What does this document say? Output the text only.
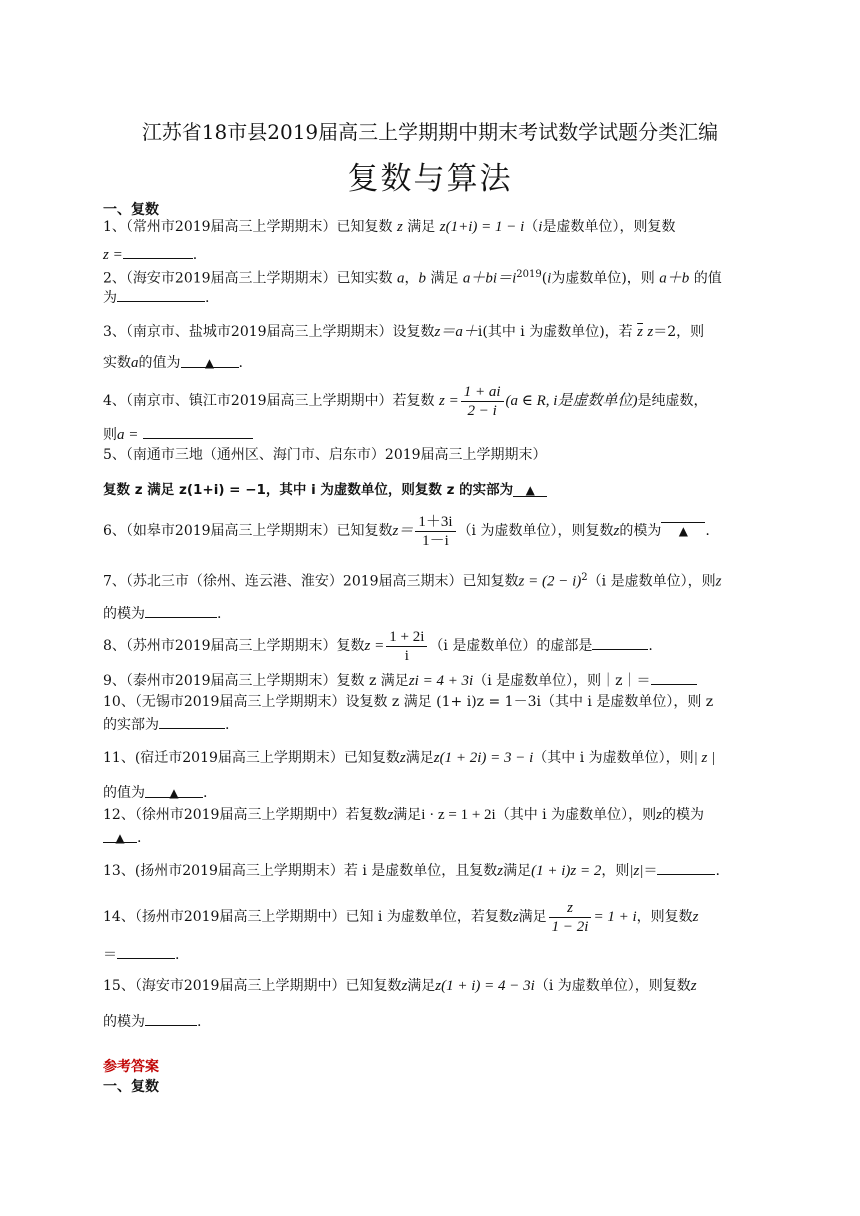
江苏省18市县2019届高三上学期期中期末考试数学试题分类汇编
复数与算法
一、复数
1、（常州市2019届高三上学期期末）已知复数 z 满足 z(1+i) = 1 − i（i是虚数单位），则复数
z =	.
2、（海安市2019届高三上学期期末）已知实数 a，b 满足 $a+bi=i^{2019}(i$为虚数单位)，则 a＋b 的值
为	.
3、（南京市、盐城市2019届高三上学期期末）设复数z＝a＋i(其中 i 为虚数单位)，若 $\overline{z}$ z＝2，则
实数a的值为 ▲ .
4、（南京市、镇江市2019届高三上学期期中）若复数 $z = \frac{1 + ai}{2 - i} (a$ ∈ R, i是虚数单位)是纯虚数，
则a =
5、（南通市三地（通州区、海门市、启东市）2019届高三上学期期末）
复数 z 满足 z(1+i) = −1，其中 i 为虚数单位，则复数 z 的实部为 ▲
6、（如皋市2019届高三上学期期末）已知复数$z= \frac{1+3i}{1-i} (i$ 为虚数单位），则复数z的模为 ▲ .
7、（苏北三市（徐州、连云港、淮安）2019届高三期末）已知复数$z = (2 - i)^2(i$ 是虚数单位），则z
的模为	.
8、（苏州市2019届高三上学期期末）复数$z = \frac{1 + 2i}{i} (i$ 是虚数单位）的虚部是	.
9、（泰州市2019届高三上学期期末）复数 z 满足zi = 4 + 3i（i 是虚数单位），则｜z｜＝
10、（无锡市2019届高三上学期期末）设复数 z 满足 (1+ i)z = 1－3i（其中 i 是虚数单位），则 z
的实部为	.
11、(宿迁市2019届高三上学期期末）已知复数z满足z(1 + 2i) = 3 − i（其中 i 为虚数单位），则| z |
的值为 ▲ .
12、（徐州市2019届高三上学期期中）若复数z满足i · z = 1 + 2i（其中 i 为虚数单位），则z的模为
▲ .
13、(扬州市2019届高三上学期期末）若 i 是虚数单位，且复数z满足(1 + i)z = 2，则|z|＝	.
14、（扬州市2019届高三上学期期中）已知 i 为虚数单位，若复数z满足 $\frac{z}{1 - 2i} = 1 + i$，则复数z
＝	.
15、（海安市2019届高三上学期期中）已知复数z满足z(1 + i) = 4 − 3i（i 为虚数单位），则复数z
的模为	.
参考答案
一、复数
